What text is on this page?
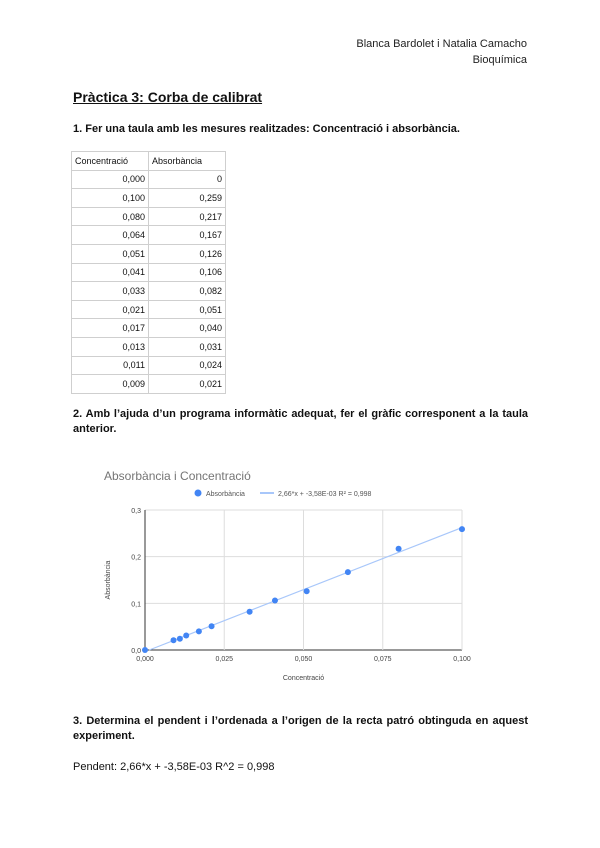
Blanca Bardolet i Natalia Camacho
Bioquímica
Pràctica 3: Corba de calibrat
1. Fer una taula amb les mesures realitzades: Concentració i absorbància.
Concentració	Absorbància
0,000	0
0,100	0,259
0,080	0,217
0,064	0,167
0,051	0,126
0,041	0,106
0,033	0,082
0,021	0,051
0,017	0,040
0,013	0,031
0,011	0,024
0,009	0,021
2. Amb l’ajuda d’un programa informàtic adequat, fer el gràfic corresponent a la taula anterior.
Absorbància i Concentració
Absorbància	2,66*x + -3,58E-03 R² = 0,998
0,0
0,1
0,2
0,3
0,000	0,025	0,050	0,075	0,100
Concentració
Absorbància
3. Determina el pendent i l’ordenada a l’origen de la recta patró obtinguda en aquest experiment.
Pendent: 2,66*x + -3,58E-03 R^2 = 0,998
